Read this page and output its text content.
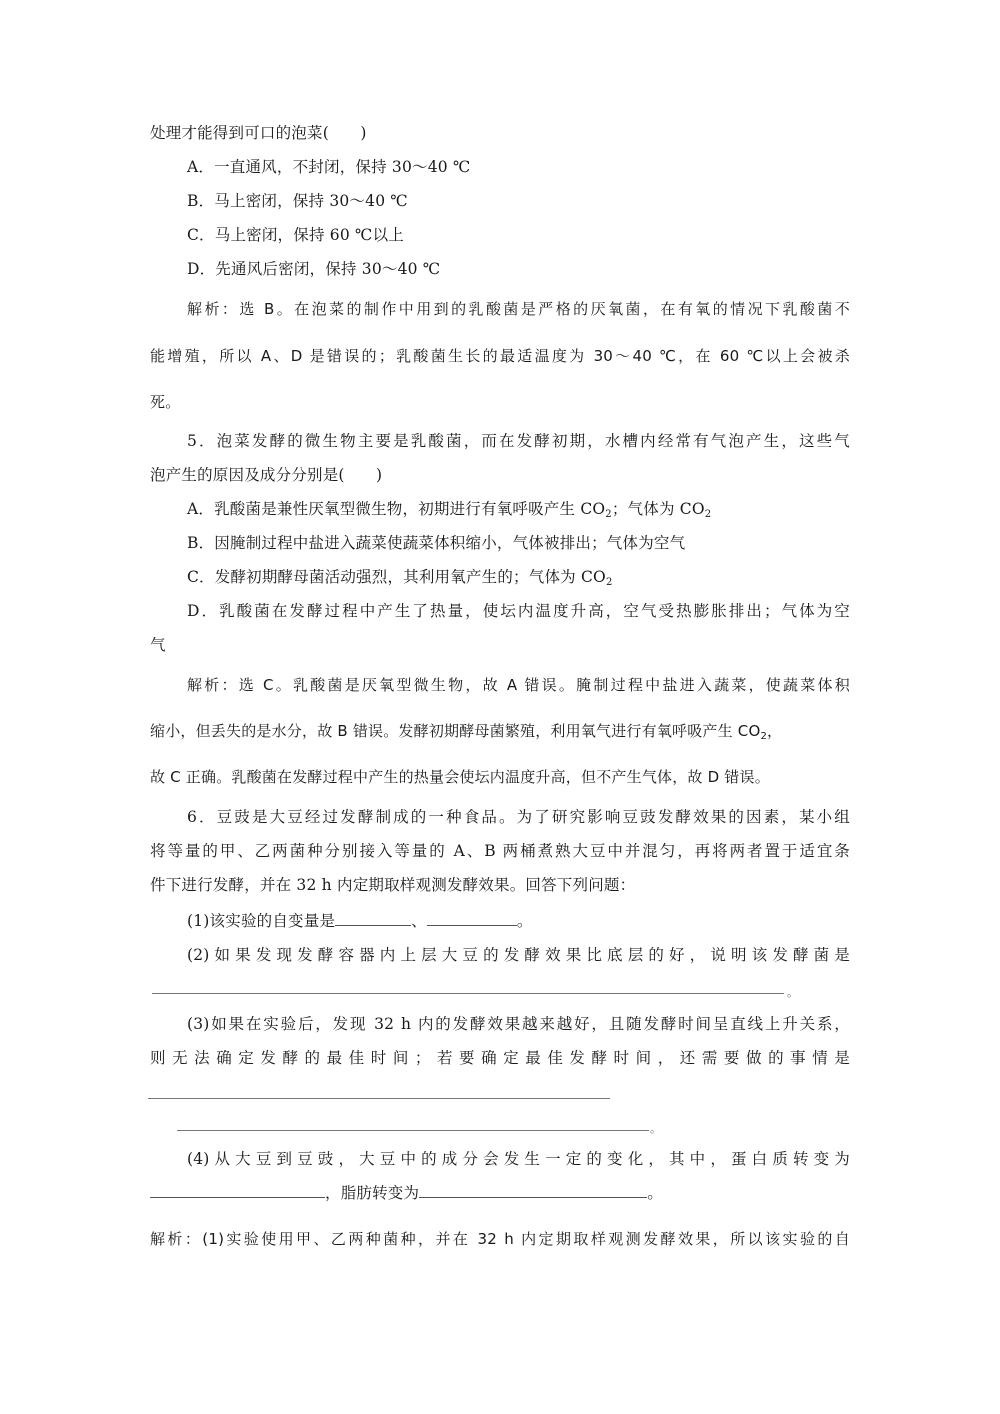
处理才能得到可口的泡菜(　　)
A．一直通风，不封闭，保持 30～40 ℃
B．马上密闭，保持 30～40 ℃
C．马上密闭，保持 60 ℃以上
D．先通风后密闭，保持 30～40 ℃
解析：选 B。在泡菜的制作中用到的乳酸菌是严格的厌氧菌，在有氧的情况下乳酸菌不
能增殖，所以 A、D 是错误的；乳酸菌生长的最适温度为 30～40 ℃，在 60 ℃以上会被杀
死。
5．泡菜发酵的微生物主要是乳酸菌，而在发酵初期，水槽内经常有气泡产生，这些气
泡产生的原因及成分分别是(　　)
A．乳酸菌是兼性厌氧型微生物，初期进行有氧呼吸产生 $CO_2$；气体为 $CO_2$
B．因腌制过程中盐进入蔬菜使蔬菜体积缩小，气体被排出；气体为空气
C．发酵初期酵母菌活动强烈，其利用氧产生的；气体为 $CO_2$
D．乳酸菌在发酵过程中产生了热量，使坛内温度升高，空气受热膨胀排出；气体为空
气
解析：选 C。乳酸菌是厌氧型微生物，故 A 错误。腌制过程中盐进入蔬菜，使蔬菜体积
缩小，但丢失的是水分，故 B 错误。发酵初期酵母菌繁殖，利用氧气进行有氧呼吸产生 $CO_2$，
故 C 正确。乳酸菌在发酵过程中产生的热量会使坛内温度升高，但不产生气体，故 D 错误。
6．豆豉是大豆经过发酵制成的一种食品。为了研究影响豆豉发酵效果的因素，某小组
将等量的甲、乙两菌种分别接入等量的 A、B 两桶煮熟大豆中并混匀，再将两者置于适宜条
件下进行发酵，并在 32 h 内定期取样观测发酵效果。回答下列问题：
(1)该实验的自变量是	、	。
(2)如果发现发酵容器内上层大豆的发酵效果比底层的好，说明该发酵菌是
。
(3)如果在实验后，发现 32 h 内的发酵效果越来越好，且随发酵时间呈直线上升关系，
则无法确定发酵的最佳时间；若要确定最佳发酵时间，还需要做的事情是
。
(4)从大豆到豆豉，大豆中的成分会发生一定的变化，其中，蛋白质转变为
，脂肪转变为	。
解析：(1)实验使用甲、乙两种菌种，并在 32 h 内定期取样观测发酵效果，所以该实验的自
